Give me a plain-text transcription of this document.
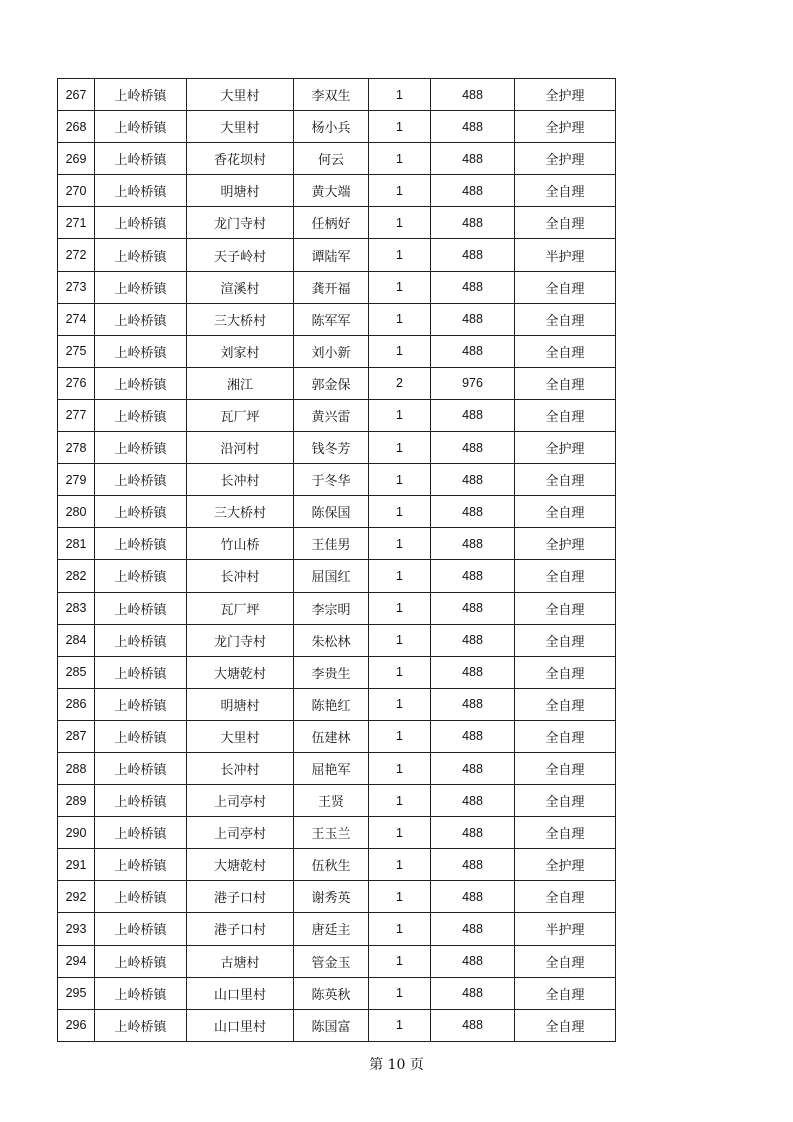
267	上岭桥镇	大里村	李双生	1	488	全护理
268	上岭桥镇	大里村	杨小兵	1	488	全护理
269	上岭桥镇	香花坝村	何云	1	488	全护理
270	上岭桥镇	明塘村	黄大端	1	488	全自理
271	上岭桥镇	龙门寺村	任柄好	1	488	全自理
272	上岭桥镇	天子岭村	谭陆军	1	488	半护理
273	上岭桥镇	渲溪村	龚开福	1	488	全自理
274	上岭桥镇	三大桥村	陈军军	1	488	全自理
275	上岭桥镇	刘家村	刘小新	1	488	全自理
276	上岭桥镇	湘江	郭金保	2	976	全自理
277	上岭桥镇	瓦厂坪	黄兴雷	1	488	全自理
278	上岭桥镇	沿河村	钱冬芳	1	488	全护理
279	上岭桥镇	长冲村	于冬华	1	488	全自理
280	上岭桥镇	三大桥村	陈保国	1	488	全自理
281	上岭桥镇	竹山桥	王佳男	1	488	全护理
282	上岭桥镇	长冲村	屈国红	1	488	全自理
283	上岭桥镇	瓦厂坪	李宗明	1	488	全自理
284	上岭桥镇	龙门寺村	朱松林	1	488	全自理
285	上岭桥镇	大塘乾村	李贵生	1	488	全自理
286	上岭桥镇	明塘村	陈艳红	1	488	全自理
287	上岭桥镇	大里村	伍建林	1	488	全自理
288	上岭桥镇	长冲村	屈艳军	1	488	全自理
289	上岭桥镇	上司亭村	王贤	1	488	全自理
290	上岭桥镇	上司亭村	王玉兰	1	488	全自理
291	上岭桥镇	大塘乾村	伍秋生	1	488	全护理
292	上岭桥镇	港子口村	谢秀英	1	488	全自理
293	上岭桥镇	港子口村	唐廷主	1	488	半护理
294	上岭桥镇	古塘村	管金玉	1	488	全自理
295	上岭桥镇	山口里村	陈英秋	1	488	全自理
296	上岭桥镇	山口里村	陈国富	1	488	全自理
第 10 页
